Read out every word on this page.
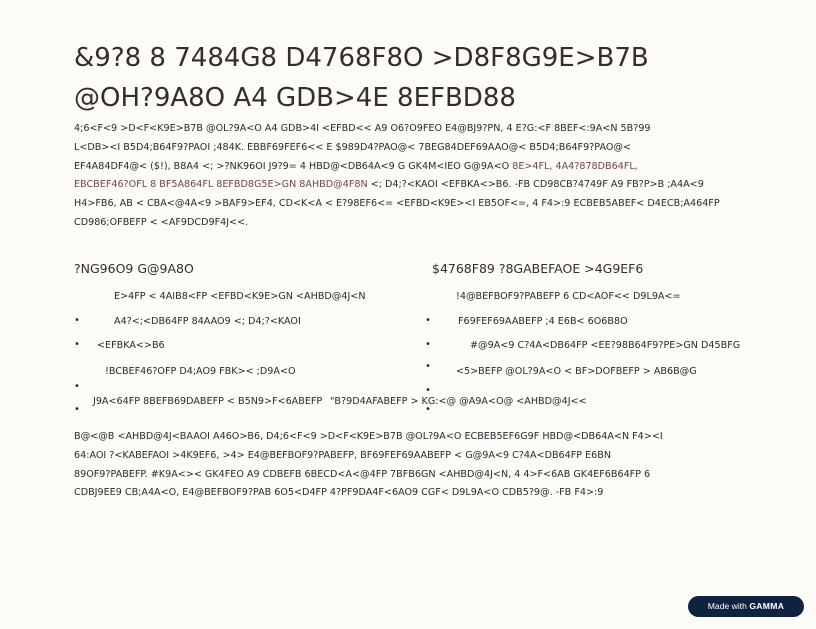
&9?8 8 7484G8 D4768F8O >D8F8G9E>B7B
@OH?9A8O A4 GDB>4E 8EFBD88
4;6<F<9 >D<F<K9E>B7B @OL?9A<O A4 GDB>4I <EFBD<< A9 O6?O9FEO E4@BJ9?PN, 4 E?G:<F 8BEF<:9A<N 5B?99
L<DB><I B5D4;B64F9?PAOI ;484K. EBBF69FEF6<< E $989D4?PAO@< 7BEG84DEF69AAO@< B5D4;B64F9?PAO@<
EF4A84DF4@< ($!), B8A4 <; >?NK96OI J9?9= 4 HBD@<DB64A<9 G GK4M<IEO G@9A<O 8E>4FL, 4A4?878DB64FL,
EBCBEF46?OFL 8 BF5A864FL 8EFBD8G5E>GN 8AHBD@4F8N <; D4;?<KAOI <EFBKA<>B6. -FB CD98CB?4749F A9 FB?P>B ;A4A<9
H4>FB6, AB < CBA<@4A<9 >BAF9>EF4, CD<K<A < E?98EF6<= <EFBD<K9E><I EB5OF<=, 4 F4>:9 ECBEB5ABEF< D4ECB;A464FP
CD986;OFBEFP < <AF9DCD9F4J<<.
?NG96O9 G@9A8O
E>4FP < 4AIB8<FP <EFBD<K9E>GN <AHBD@4J<N
•	A4?<;<DB64FP 84AAO9 <; D4;?<KAOI
• <EFBKA<>B6
!BCBEF46?OFP D4;AO9 FBK>< ;D9A<O
•
J9A<64FP 8BEFB69DABEFP < B5N9>F<6ABEFP
•
$4768F89 ?8GABEFAOE >4G9EF6
!4@BEFBOF9?PABEFP 6 CD<AOF<< D9L9A<=
•	F69FEF69AABEFP ;4 E6B< 6O6B8O
•	#@9A<9 C?4A<DB64FP <EE?98B64F9?PE>GN D45BFG
•	<5>BEFP @OL?9A<O < BF>DOFBEFP > AB6B@G
•
"B?9D4AFABEFP > KG:<@ @A9A<O@ <AHBD@4J<<
•
B@<@B <AHBD@4J<BAAOI A46O>B6, D4;6<F<9 >D<F<K9E>B7B @OL?9A<O ECBEB5EF6G9F HBD@<DB64A<N F4><I
64:AOI ?<KABEFAOI >4K9EF6, >4> E4@BEFBOF9?PABEFP, BF69FEF69AABEFP < G@9A<9 C?4A<DB64FP E6BN
89OF9?PABEFP. #K9A<>< GK4FEO A9 CDBEFB 6BECD<A<@4FP 7BFB6GN <AHBD@4J<N, 4 4>F<6AB GK4EF6B64FP 6
CDBJ9EE9 CB;A4A<O, E4@BEFBOF9?PAB 6O5<D4FP 4?PF9DA4F<6AO9 CGF< D9L9A<O CDB5?9@. -FB F4>:9
Made with GAMMA
